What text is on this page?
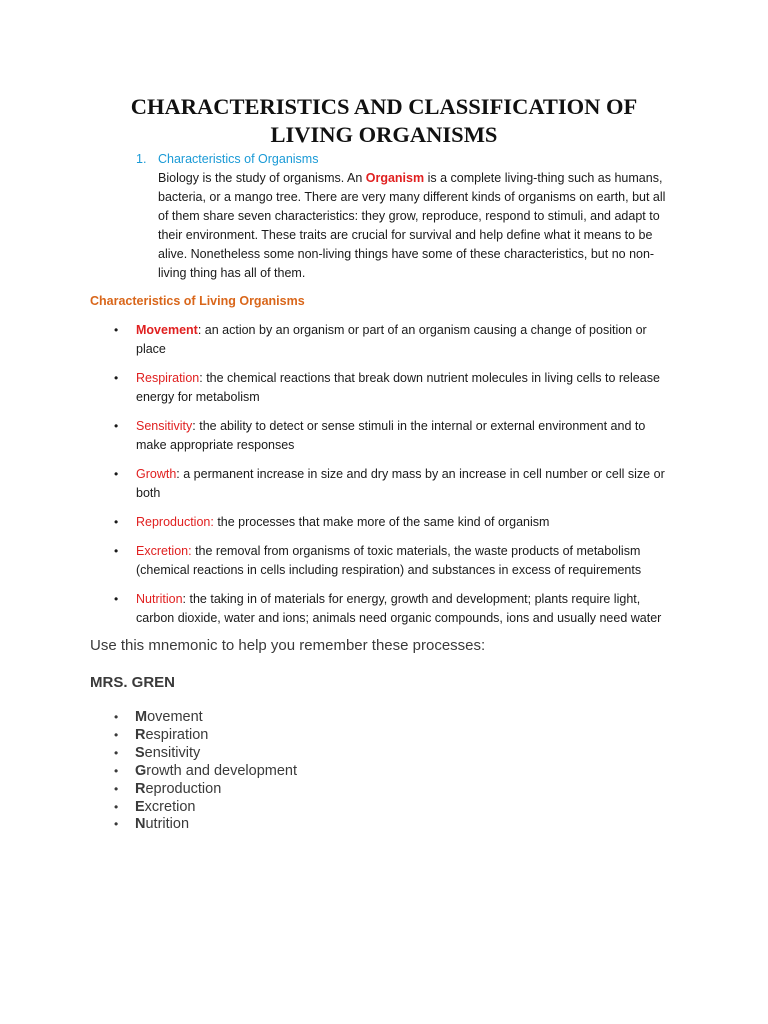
CHARACTERISTICS AND CLASSIFICATION OF
LIVING ORGANISMS
1. Characteristics of Organisms
Biology is the study of organisms. An Organism is a complete living-thing such as humans, bacteria, or a mango tree. There are very many different kinds of organisms on earth, but all of them share seven characteristics: they grow, reproduce, respond to stimuli, and adapt to their environment. These traits are crucial for survival and help define what it means to be alive. Nonetheless some non-living things have some of these characteristics, but no non-living thing has all of them.
Characteristics of Living Organisms
• Movement: an action by an organism or part of an organism causing a change of position or place
• Respiration: the chemical reactions that break down nutrient molecules in living cells to release energy for metabolism
• Sensitivity: the ability to detect or sense stimuli in the internal or external environment and to make appropriate responses
• Growth: a permanent increase in size and dry mass by an increase in cell number or cell size or both
• Reproduction: the processes that make more of the same kind of organism
• Excretion: the removal from organisms of toxic materials, the waste products of metabolism (chemical reactions in cells including respiration) and substances in excess of requirements
• Nutrition: the taking in of materials for energy, growth and development; plants require light, carbon dioxide, water and ions; animals need organic compounds, ions and usually need water
Use this mnemonic to help you remember these processes:
MRS. GREN
• Movement
• Respiration
• Sensitivity
• Growth and development
• Reproduction
• Excretion
• Nutrition
